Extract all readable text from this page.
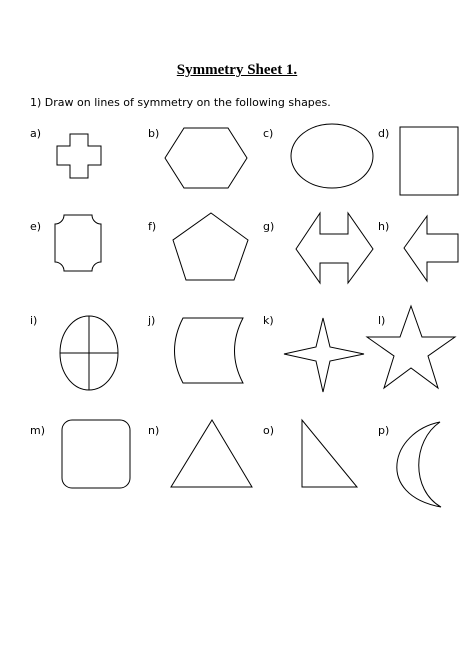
Symmetry Sheet 1.
1) Draw on lines of symmetry on the following shapes.
a)	b)	c)	d)
e)	f)	g)	h)
i)	j)	k)	l)
m)	n)	o)	p)
